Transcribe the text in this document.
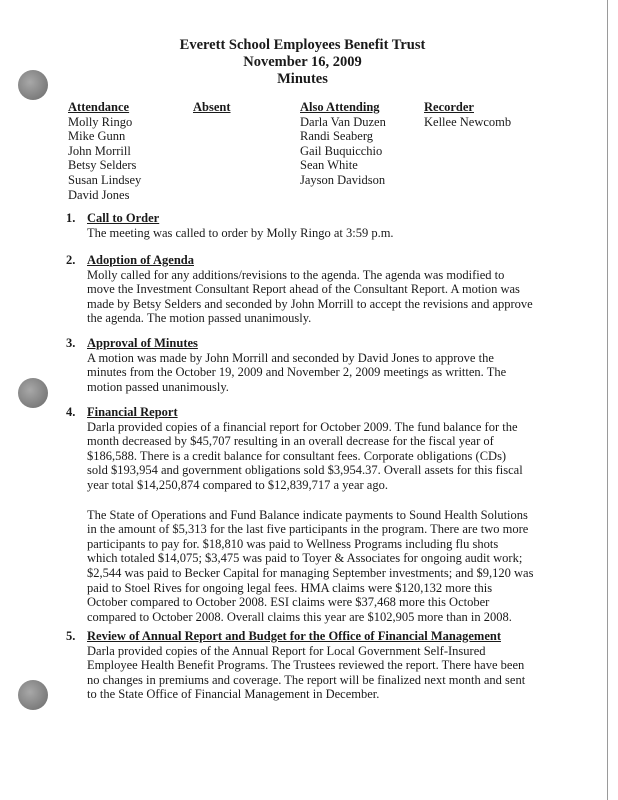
Everett School Employees Benefit Trust
November 16, 2009
Minutes
Attendance
Molly Ringo
Mike Gunn
John Morrill
Betsy Selders
Susan Lindsey
David Jones
Absent	Also Attending
Darla Van Duzen
Randi Seaberg
Gail Buquicchio
Sean White
Jayson Davidson
Recorder
Kellee Newcomb
1. Call to Order
The meeting was called to order by Molly Ringo at 3:59 p.m.
2. Adoption of Agenda
Molly called for any additions/revisions to the agenda. The agenda was modified to
move the Investment Consultant Report ahead of the Consultant Report. A motion was
made by Betsy Selders and seconded by John Morrill to accept the revisions and approve
the agenda. The motion passed unanimously.
3. Approval of Minutes
A motion was made by John Morrill and seconded by David Jones to approve the
minutes from the October 19, 2009 and November 2, 2009 meetings as written. The
motion passed unanimously.
4. Financial Report
Darla provided copies of a financial report for October 2009. The fund balance for the
month decreased by $45,707 resulting in an overall decrease for the fiscal year of
$186,588. There is a credit balance for consultant fees. Corporate obligations (CDs)
sold $193,954 and government obligations sold $3,954.37. Overall assets for this fiscal
year total $14,250,874 compared to $12,839,717 a year ago.
The State of Operations and Fund Balance indicate payments to Sound Health Solutions
in the amount of $5,313 for the last five participants in the program. There are two more
participants to pay for. $18,810 was paid to Wellness Programs including flu shots
which totaled $14,075; $3,475 was paid to Toyer & Associates for ongoing audit work;
$2,544 was paid to Becker Capital for managing September investments; and $9,120 was
paid to Stoel Rives for ongoing legal fees. HMA claims were $120,132 more this
October compared to October 2008. ESI claims were $37,468 more this October
compared to October 2008. Overall claims this year are $102,905 more than in 2008.
5. Review of Annual Report and Budget for the Office of Financial Management
Darla provided copies of the Annual Report for Local Government Self-Insured
Employee Health Benefit Programs. The Trustees reviewed the report. There have been
no changes in premiums and coverage. The report will be finalized next month and sent
to the State Office of Financial Management in December.
